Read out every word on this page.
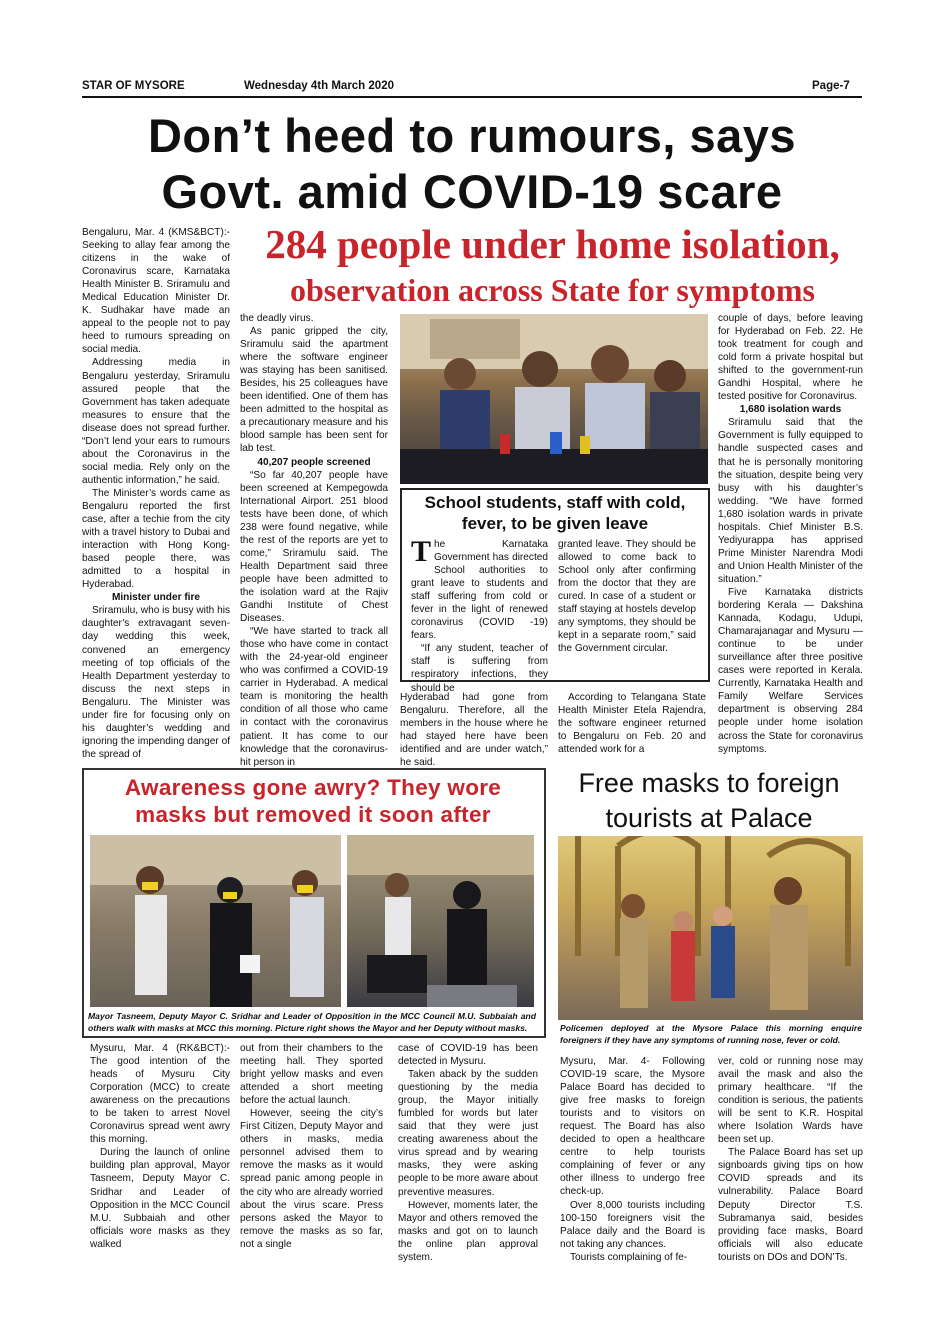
STAR OF MYSORE	Wednesday 4th March 2020	Page-7
Don’t heed to rumours, says
Govt. amid COVID-19 scare
284 people under home isolation,
observation across State for symptoms

Bengaluru, Mar. 4 (KMS&BCT):- Seeking to allay fear among the citizens in the wake of Coronavirus scare, Karnataka Health Minister B. Sriramulu and Medical Education Minister Dr. K. Sudhakar have made an appeal to the people not to pay heed to rumours spreading on social media.

Addressing media in Bengaluru yesterday, Sriramulu assured people that the Government has taken adequate measures to ensure that the disease does not spread further. “Don’t lend your ears to rumours about the Coronavirus in the social media. Rely only on the authentic information,” he said.

The Minister’s words came as Bengaluru reported the first case, after a techie from the city with a travel history to Dubai and interaction with Hong Kong-based people there, was admitted to a hospital in Hyderabad.

Minister under fire

Sriramulu, who is busy with his daughter’s extravagant seven-day wedding this week, convened an emergency meeting of top officials of the Health Department yesterday to discuss the next steps in Bengaluru. The Minister was under fire for focusing only on his daughter’s wedding and ignoring the impending danger of the spread of

the deadly virus.

As panic gripped the city, Sriramulu said the apartment where the software engineer was staying has been sanitised. Besides, his 25 colleagues have been identified. One of them has been admitted to the hospital as a precautionary measure and his blood sample has been sent for lab test.

40,207 people screened

“So far 40,207 people have been screened at Kempegowda International Airport. 251 blood tests have been done, of which 238 were found negative, while the rest of the reports are yet to come,” Sriramulu said. The Health Department said three people have been admitted to the isolation ward at the Rajiv Gandhi Institute of Chest Diseases.

“We have started to track all those who have come in contact with the 24-year-old engineer who was confirmed a COVID-19 carrier in Hyderabad. A medical team is monitoring the health condition of all those who came in contact with the coronavirus patient. It has come to our knowledge that the coronavirus-hit person in

School students, staff with cold,
fever, to be given leave

The Karnataka Government has directed School authorities to grant leave to students and staff suffering from cold or fever in the light of renewed coronavirus (COVID -19) fears.

“If any student, teacher of staff is suffering from respiratory infections, they should be

granted leave. They should be allowed to come back to School only after confirming from the doctor that they are cured. In case of a student or staff staying at hostels develop any symptoms, they should be kept in a separate room,” said the Government circular.

Hyderabad had gone from Bengaluru. Therefore, all the members in the house where he had stayed here have been identified and are under watch,” he said.

According to Telangana State Health Minister Etela Rajendra, the software engineer returned to Bengaluru on Feb. 20 and attended work for a

couple of days, before leaving for Hyderabad on Feb. 22. He took treatment for cough and cold form a private hospital but shifted to the government-run Gandhi Hospital, where he tested positive for Coronavirus.

1,680 isolation wards

Sriramulu said that the Government is fully equipped to handle suspected cases and that he is personally monitoring the situation, despite being very busy with his daughter’s wedding. “We have formed 1,680 isolation wards in private hospitals. Chief Minister B.S. Yediyurappa has apprised Prime Minister Narendra Modi and Union Health Minister of the situation.”

Five Karnataka districts bordering Kerala — Dakshina Kannada, Kodagu, Udupi, Chamarajanagar and Mysuru — continue to be under surveillance after three positive cases were reported in Kerala. Currently, Karnataka Health and Family Welfare Services department is observing 284 people under home isolation across the State for coronavirus symptoms.

Awareness gone awry? They wore
masks but removed it soon after
Mayor Tasneem, Deputy Mayor C. Sridhar and Leader of Opposition in the MCC Council M.U. Subbaiah and others walk with masks at MCC this morning. Picture right shows the Mayor and her Deputy without masks.

Mysuru, Mar. 4 (RK&BCT):- The good intention of the heads of Mysuru City Corporation (MCC) to create awareness on the precautions to be taken to arrest Novel Coronavirus spread went awry this morning.

During the launch of online building plan approval, Mayor Tasneem, Deputy Mayor C. Sridhar and Leader of Opposition in the MCC Council M.U. Subbaiah and other officials wore masks as they walked

out from their chambers to the meeting hall. They sported bright yellow masks and even attended a short meeting before the actual launch.

However, seeing the city’s First Citizen, Deputy Mayor and others in masks, media personnel advised them to remove the masks as it would spread panic among people in the city who are already worried about the virus scare. Press persons asked the Mayor to remove the masks as so far, not a single

case of COVID-19 has been detected in Mysuru.

Taken aback by the sudden questioning by the media group, the Mayor initially fumbled for words but later said that they were just creating awareness about the virus spread and by wearing masks, they were asking people to be more aware about preventive measures.

However, moments later, the Mayor and others removed the masks and got on to launch the online plan approval system.

Free masks to foreign
tourists at Palace
Policemen deployed at the Mysore Palace this morning enquire foreigners if they have any symptoms of running nose, fever or cold.

Mysuru, Mar. 4- Following COVID-19 scare, the Mysore Palace Board has decided to give free masks to foreign tourists and to visitors on request. The Board has also decided to open a healthcare centre to help tourists complaining of fever or any other illness to undergo free check-up.

Over 8,000 tourists including 100-150 foreigners visit the Palace daily and the Board is not taking any chances.

Tourists complaining of fe-

ver, cold or running nose may avail the mask and also the primary healthcare. “If the condition is serious, the patients will be sent to K.R. Hospital where Isolation Wards have been set up.

The Palace Board has set up signboards giving tips on how COVID spreads and its vulnerability. Palace Board Deputy Director T.S. Subramanya said, besides providing face masks, Board officials will also educate tourists on DOs and DON’Ts.
